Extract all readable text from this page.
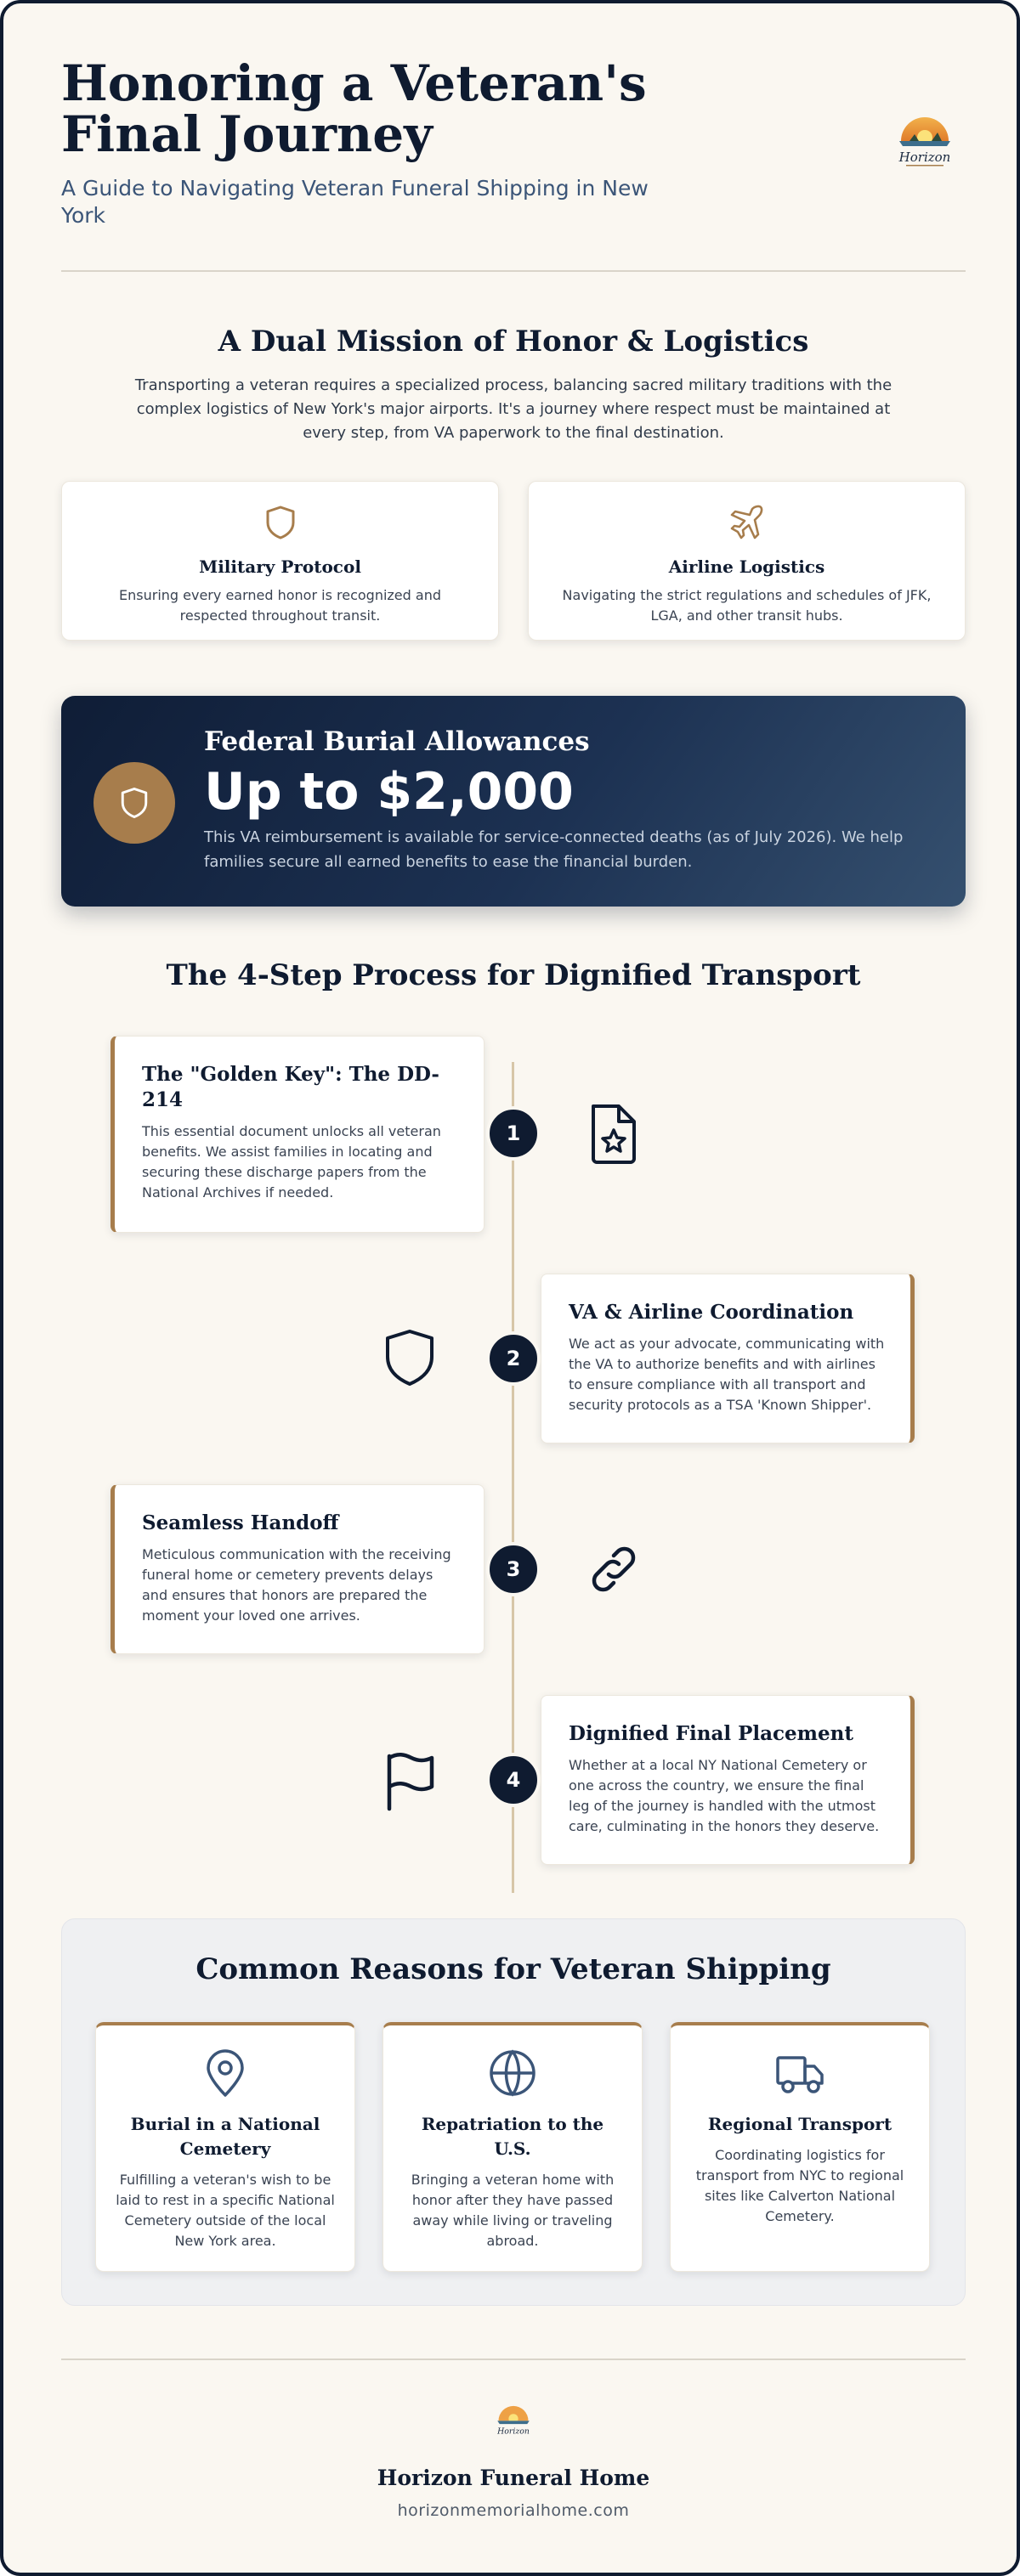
Honoring a Veteran's Final Journey
A Guide to Navigating Veteran Funeral Shipping in New York
Horizon
A Dual Mission of Honor & Logistics

Transporting a veteran requires a specialized process, balancing sacred military traditions with the complex logistics of New York's major airports. It's a journey where respect must be maintained at every step, from VA paperwork to the final destination.

Military Protocol

Ensuring every earned honor is recognized and respected throughout transit.

Airline Logistics

Navigating the strict regulations and schedules of JFK, LGA, and other transit hubs.

Federal Burial Allowances
Up to $2,000

This VA reimbursement is available for service-connected deaths (as of July 2026). We help families secure all earned benefits to ease the financial burden.

The 4-Step Process for Dignified Transport
The "Golden Key": The DD-214

This essential document unlocks all veteran benefits. We assist families in locating and securing these discharge papers from the National Archives if needed.

1
VA & Airline Coordination

We act as your advocate, communicating with the VA to authorize benefits and with airlines to ensure compliance with all transport and security protocols as a TSA 'Known Shipper'.

2
Seamless Handoff

Meticulous communication with the receiving funeral home or cemetery prevents delays and ensures that honors are prepared the moment your loved one arrives.

3
Dignified Final Placement

Whether at a local NY National Cemetery or one across the country, we ensure the final leg of the journey is handled with the utmost care, culminating in the honors they deserve.

4
Common Reasons for Veteran Shipping
Burial in a National Cemetery

Fulfilling a veteran's wish to be laid to rest in a specific National Cemetery outside of the local New York area.

Repatriation to the U.S.

Bringing a veteran home with honor after they have passed away while living or traveling abroad.

Regional Transport

Coordinating logistics for transport from NYC to regional sites like Calverton National Cemetery.

Horizon
Horizon Funeral Home
horizonmemorialhome.com
